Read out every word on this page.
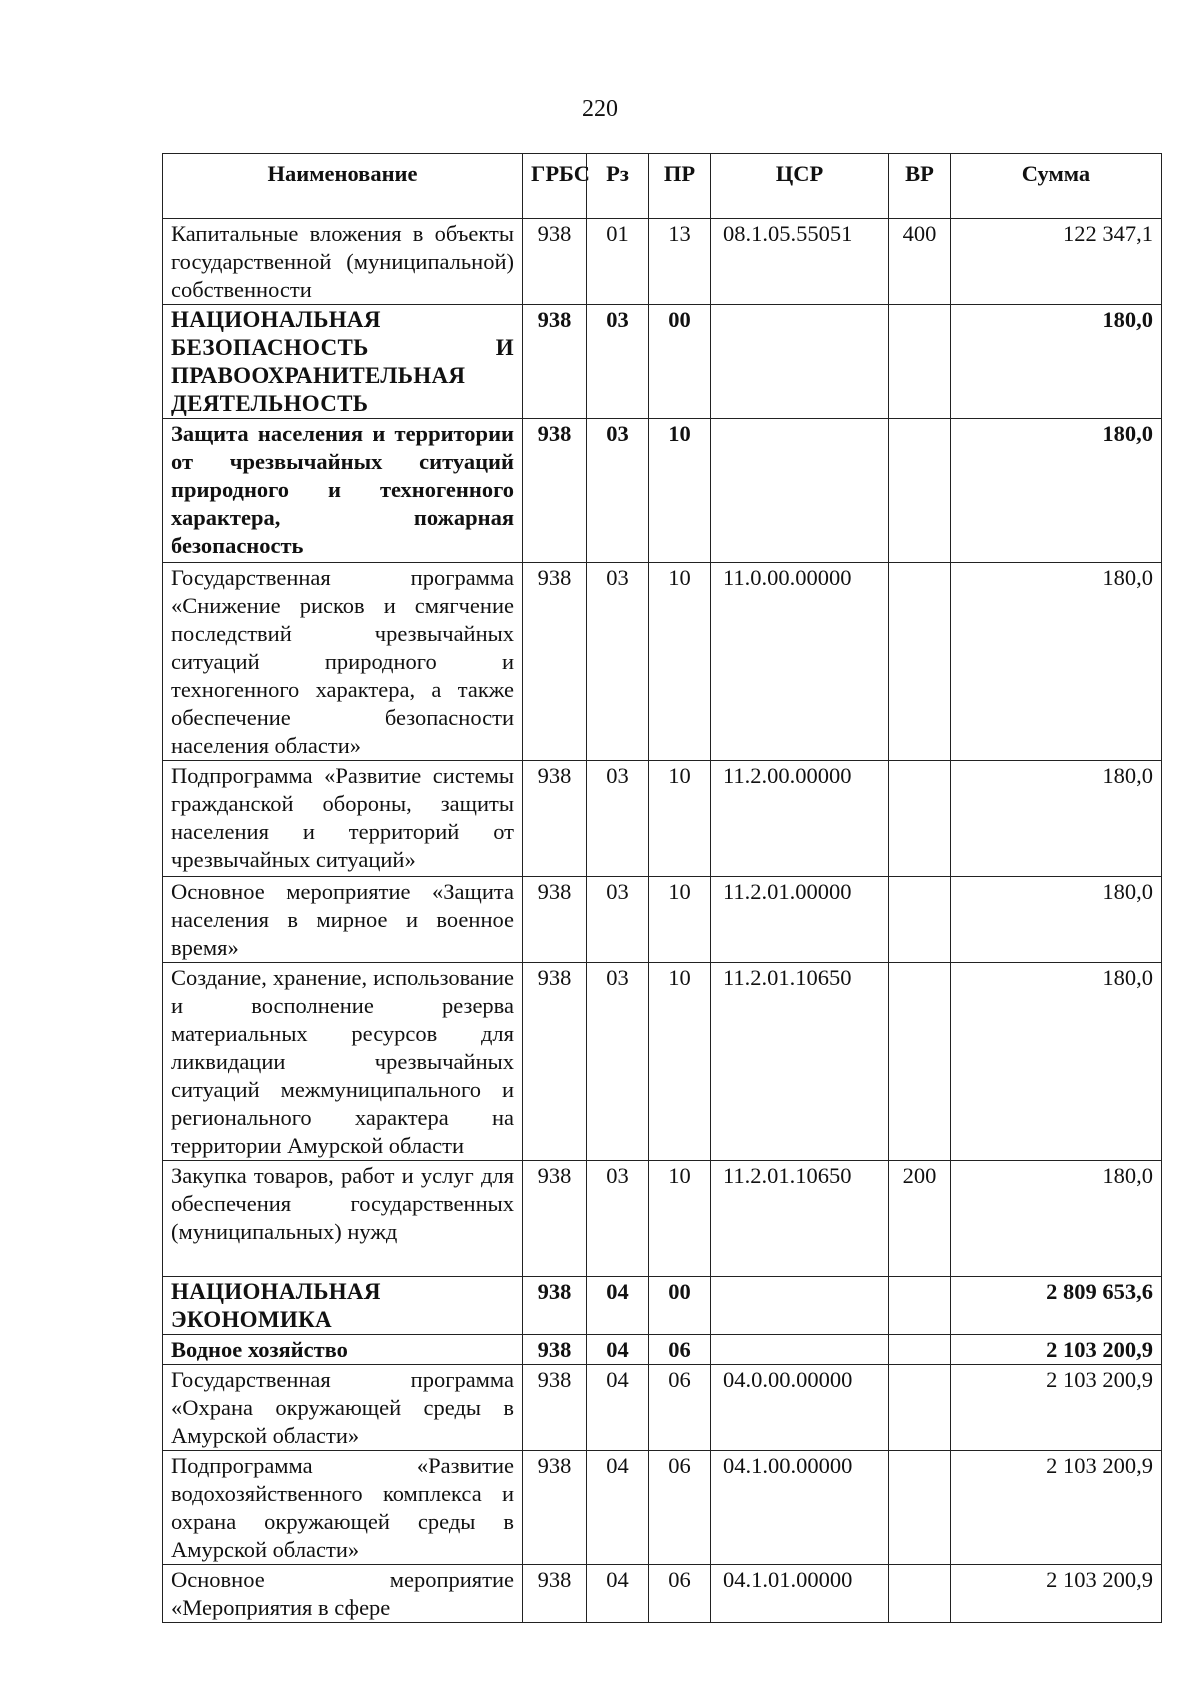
220
Наименование	ГРБС	Рз	ПР	ЦСР	ВР	Сумма
Капитальные вложения в объекты государственной (муниципальной) собственности	938	01	13	08.1.05.55051	400	122 347,1
НАЦИОНАЛЬНАЯ БЕЗОПАСНОСТЬ И ПРАВООХРАНИТЕЛЬНАЯ ДЕЯТЕЛЬНОСТЬ	938	03	00			180,0
Защита населения и территории от чрезвычайных ситуаций природного и техногенного характера, пожарная безопасность	938	03	10			180,0
Государственная программа «Снижение рисков и смягчение последствий чрезвычайных ситуаций природного и техногенного характера, а также обеспечение безопасности населения области»	938	03	10	11.0.00.00000		180,0
Подпрограмма «Развитие системы гражданской обороны, защиты населения и территорий от чрезвычайных ситуаций»	938	03	10	11.2.00.00000		180,0
Основное мероприятие «Защита населения в мирное и военное время»	938	03	10	11.2.01.00000		180,0
Создание, хранение, использование и восполнение резерва материальных ресурсов для ликвидации чрезвычайных ситуаций межмуниципального и регионального характера на территории Амурской области	938	03	10	11.2.01.10650		180,0
Закупка товаров, работ и услуг для обеспечения государственных (муниципальных) нужд	938	03	10	11.2.01.10650	200	180,0
НАЦИОНАЛЬНАЯ ЭКОНОМИКА	938	04	00			2 809 653,6
Водное хозяйство	938	04	06			2 103 200,9
Государственная программа «Охрана окружающей среды в Амурской области»	938	04	06	04.0.00.00000		2 103 200,9
Подпрограмма «Развитие водохозяйственного комплекса и охрана окружающей среды в Амурской области»	938	04	06	04.1.00.00000		2 103 200,9
Основное мероприятие «Мероприятия в сфере	938	04	06	04.1.01.00000		2 103 200,9
